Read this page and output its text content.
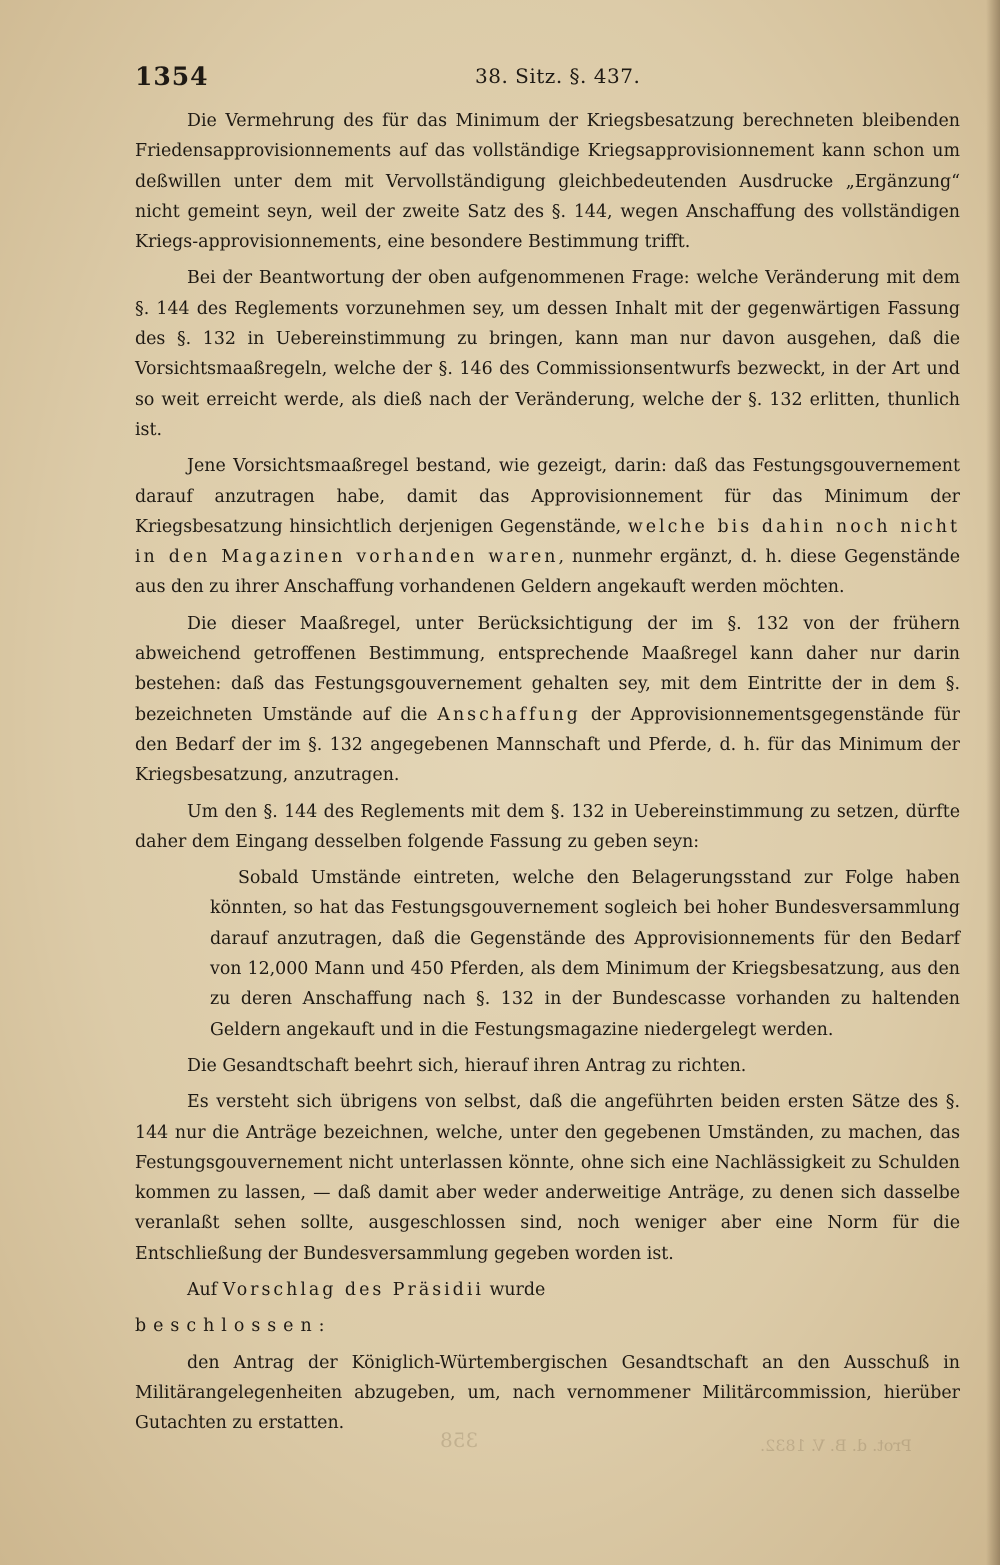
1354	38. Sitz. §. 437.

Die Vermehrung des für das Minimum der Kriegsbesatzung berechneten bleibenden Friedensapprovisionnements auf das vollständige Kriegsapprovisionnement kann schon um deßwillen unter dem mit Vervollständigung gleichbedeutenden Ausdrucke „Ergänzung“ nicht gemeint seyn, weil der zweite Satz des §. 144, wegen Anschaffung des vollständigen Kriegs-approvisionnements, eine besondere Bestimmung trifft.

Bei der Beantwortung der oben aufgenommenen Frage: welche Veränderung mit dem §. 144 des Reglements vorzunehmen sey, um dessen Inhalt mit der gegenwärtigen Fassung des §. 132 in Uebereinstimmung zu bringen, kann man nur davon ausgehen, daß die Vorsichtsmaaßregeln, welche der §. 146 des Commissionsentwurfs bezweckt, in der Art und so weit erreicht werde, als dieß nach der Veränderung, welche der §. 132 erlitten, thunlich ist.

Jene Vorsichtsmaaßregel bestand, wie gezeigt, darin: daß das Festungsgouvernement darauf anzutragen habe, damit das Approvisionnement für das Minimum der Kriegsbesatzung hinsichtlich derjenigen Gegenstände, welche bis dahin noch nicht in den Magazinen vorhanden waren, nunmehr ergänzt, d. h. diese Gegenstände aus den zu ihrer Anschaffung vorhandenen Geldern angekauft werden möchten.

Die dieser Maaßregel, unter Berücksichtigung der im §. 132 von der frühern abweichend getroffenen Bestimmung, entsprechende Maaßregel kann daher nur darin bestehen: daß das Festungsgouvernement gehalten sey, mit dem Eintritte der in dem §. bezeichneten Umstände auf die Anschaffung der Approvisionnementsgegenstände für den Bedarf der im §. 132 angegebenen Mannschaft und Pferde, d. h. für das Minimum der Kriegsbesatzung, anzutragen.

Um den §. 144 des Reglements mit dem §. 132 in Uebereinstimmung zu setzen, dürfte daher dem Eingang desselben folgende Fassung zu geben seyn:

Sobald Umstände eintreten, welche den Belagerungsstand zur Folge haben könnten, so hat das Festungsgouvernement sogleich bei hoher Bundesversammlung darauf anzutragen, daß die Gegenstände des Approvisionnements für den Bedarf von 12,000 Mann und 450 Pferden, als dem Minimum der Kriegsbesatzung, aus den zu deren Anschaffung nach §. 132 in der Bundescasse vorhanden zu haltenden Geldern angekauft und in die Festungsmagazine niedergelegt werden.

Die Gesandtschaft beehrt sich, hierauf ihren Antrag zu richten.

Es versteht sich übrigens von selbst, daß die angeführten beiden ersten Sätze des §. 144 nur die Anträge bezeichnen, welche, unter den gegebenen Umständen, zu machen, das Festungsgouvernement nicht unterlassen könnte, ohne sich eine Nachlässigkeit zu Schulden kommen zu lassen, — daß damit aber weder anderweitige Anträge, zu denen sich dasselbe veranlaßt sehen sollte, ausgeschlossen sind, noch weniger aber eine Norm für die Entschließung der Bundesversammlung gegeben worden ist.

Auf Vorschlag des Präsidii wurde

beschlossen:

den Antrag der Königlich-Würtembergischen Gesandtschaft an den Ausschuß in Militärangelegenheiten abzugeben, um, nach vernommener Militärcommission, hierüber Gutachten zu erstatten.

358	Prot. d. B. V. 1832.
